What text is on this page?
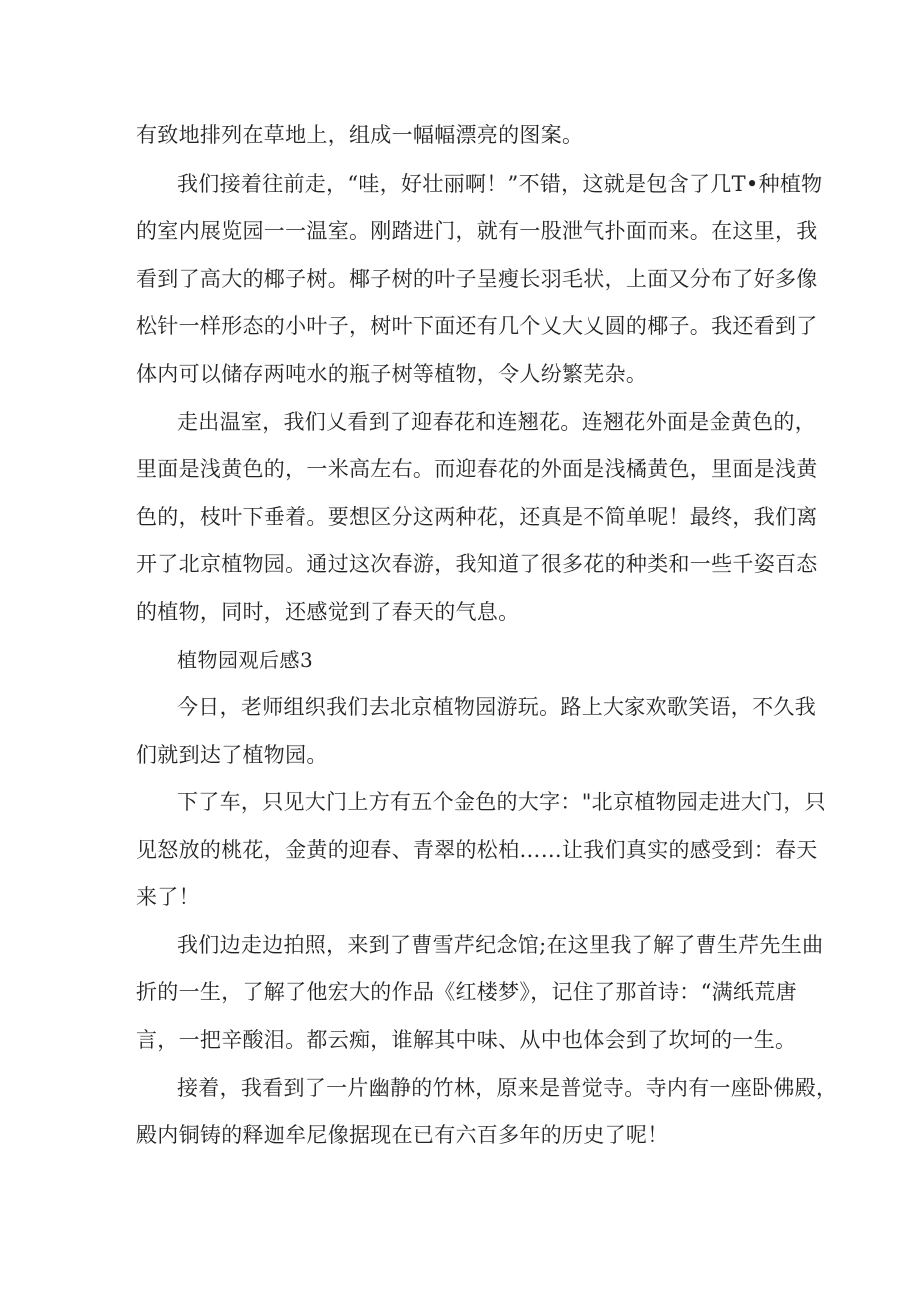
有致地排列在草地上，组成一幅幅漂亮的图案。
我们接着往前走，“哇，好壮丽啊！”不错，这就是包含了几T•种植物
的室内展览园一一温室。刚踏进门，就有一股泄气扑面而来。在这里，我
看到了高大的椰子树。椰子树的叶子呈瘦长羽毛状，上面又分布了好多像
松针一样形态的小叶子，树叶下面还有几个乂大乂圆的椰子。我还看到了
体内可以储存两吨水的瓶子树等植物，令人纷繁芜杂。
走出温室，我们乂看到了迎春花和连翘花。连翘花外面是金黄色的，
里面是浅黄色的，一米高左右。而迎春花的外面是浅橘黄色，里面是浅黄
色的，枝叶下垂着。要想区分这两种花，还真是不简单呢！最终，我们离
开了北京植物园。通过这次春游，我知道了很多花的种类和一些千姿百态
的植物，同时，还感觉到了春天的气息。
植物园观后感3
今日，老师组织我们去北京植物园游玩。路上大家欢歌笑语，不久我
们就到达了植物园。
下了车，只见大门上方有五个金色的大字："北京植物园走进大门，只
见怒放的桃花，金黄的迎春、青翠的松柏……让我们真实的感受到：春天
来了！
我们边走边拍照，来到了曹雪芹纪念馆;在这里我了解了曹生芹先生曲
折的一生，了解了他宏大的作品《红楼梦》，记住了那首诗：“满纸荒唐
言，一把辛酸泪。都云痴，谁解其中味、从中也体会到了坎坷的一生。
接着，我看到了一片幽静的竹林，原来是普觉寺。寺内有一座卧佛殿，
殿内铜铸的释迦牟尼像据现在已有六百多年的历史了呢！
